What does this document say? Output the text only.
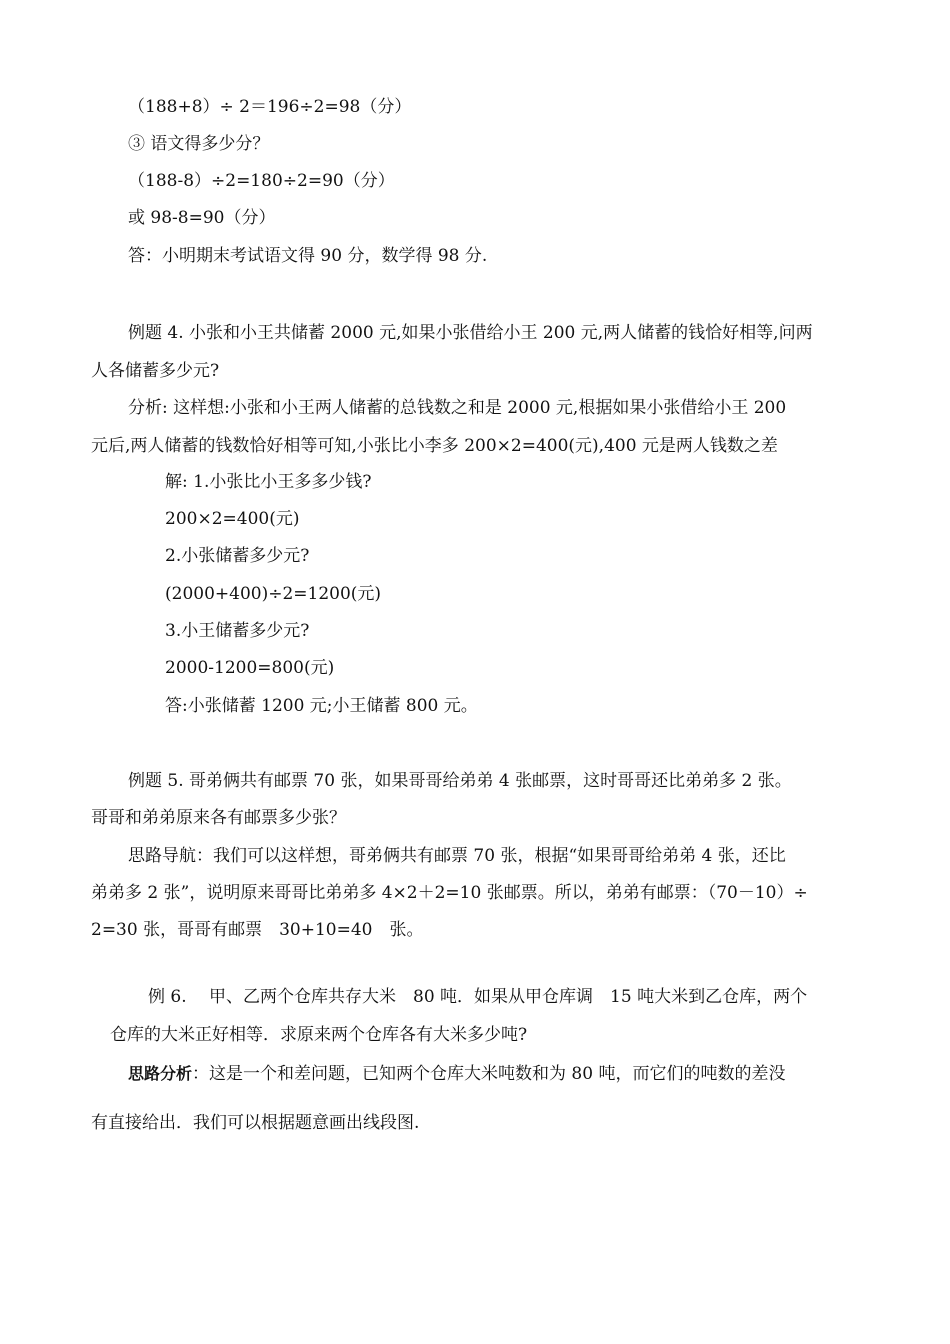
（188+8）÷ 2＝196÷2=98（分）

③ 语文得多少分？

（188-8）÷2=180÷2=90（分）

或 98-8=90（分）

答：小明期末考试语文得 90 分，数学得 98 分.

例题 4. 小张和小王共储蓄 2000 元,如果小张借给小王 200 元,两人储蓄的钱恰好相等,问两

人各储蓄多少元?

分析: 这样想:小张和小王两人储蓄的总钱数之和是 2000 元,根据如果小张借给小王 200

元后,两人储蓄的钱数恰好相等可知,小张比小李多 200×2=400(元),400 元是两人钱数之差

解: 1.小张比小王多多少钱?

200×2=400(元)

2.小张储蓄多少元?

(2000+400)÷2=1200(元)

3.小王储蓄多少元?

2000-1200=800(元)

答:小张储蓄 1200 元;小王储蓄 800 元。

例题 5. 哥弟俩共有邮票 70 张，如果哥哥给弟弟 4 张邮票，这时哥哥还比弟弟多 2 张。

哥哥和弟弟原来各有邮票多少张？

思路导航：我们可以这样想，哥弟俩共有邮票 70 张，根据“如果哥哥给弟弟 4 张，还比

弟弟多 2 张”，说明原来哥哥比弟弟多 4×2＋2=10 张邮票。所以，弟弟有邮票：（70－10）÷

2=30 张，哥哥有邮票　30+10=40　张。

例 6.　 甲、乙两个仓库共存大米　80 吨．如果从甲仓库调　15 吨大米到乙仓库，两个

仓库的大米正好相等．求原来两个仓库各有大米多少吨?

思路分析：这是一个和差问题，已知两个仓库大米吨数和为 80 吨，而它们的吨数的差没

有直接给出．我们可以根据题意画出线段图.
